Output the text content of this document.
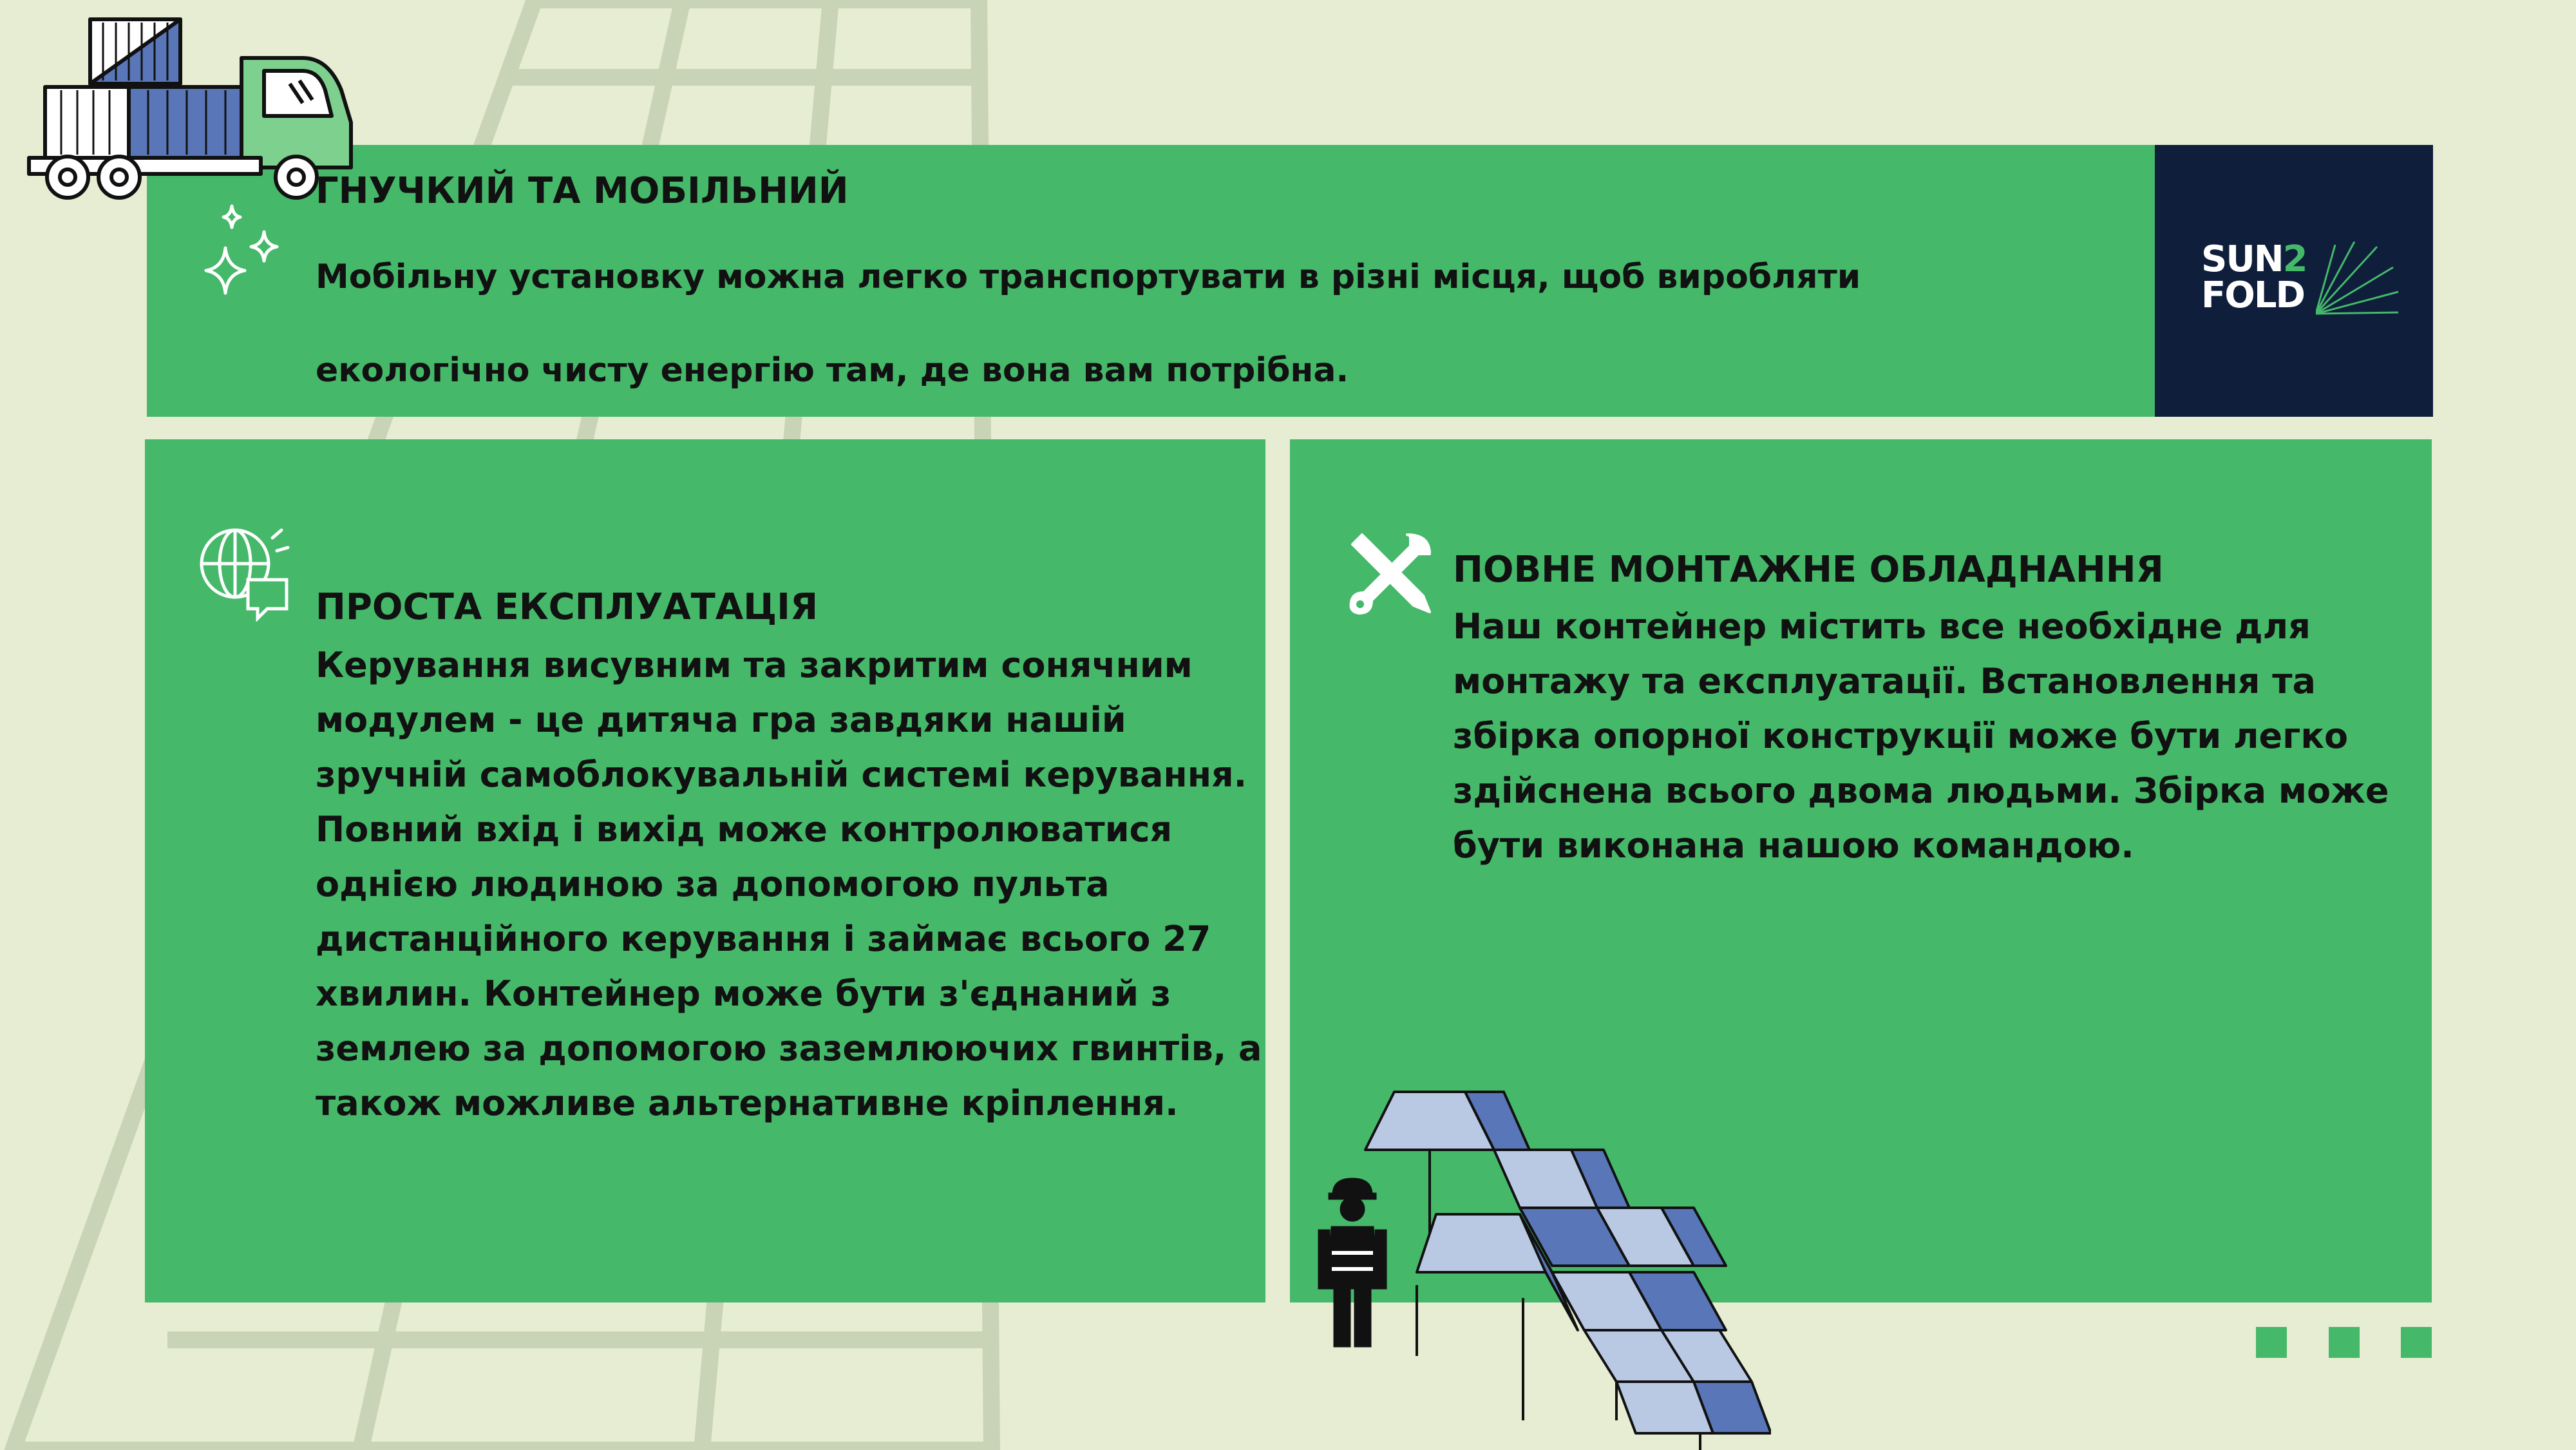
SUN2
FOLD
ГНУЧКИЙ ТА МОБІЛЬНИЙ
Мобільну установку можна легко транспортувати в різні місця, щоб виробляти
екологічно чисту енергію там, де вона вам потрібна.
ПРОСТА ЕКСПЛУАТАЦІЯ
Керування висувним та закритим сонячним модулем - це дитяча гра завдяки нашій зручній самоблокувальній системі керування. Повний вхід і вихід може контролюватися однією людиною за допомогою пульта дистанційного керування і займає всього 27 хвилин. Контейнер може бути з'єднаний з землею за допомогою заземлюючих гвинтів, а також можливе альтернативне кріплення.
ПОВНЕ МОНТАЖНЕ ОБЛАДНАННЯ
Наш контейнер містить все необхідне для монтажу та експлуатації. Встановлення та збірка опорної конструкції може бути легко здійснена всього двома людьми. Збірка може бути виконана нашою командою.
